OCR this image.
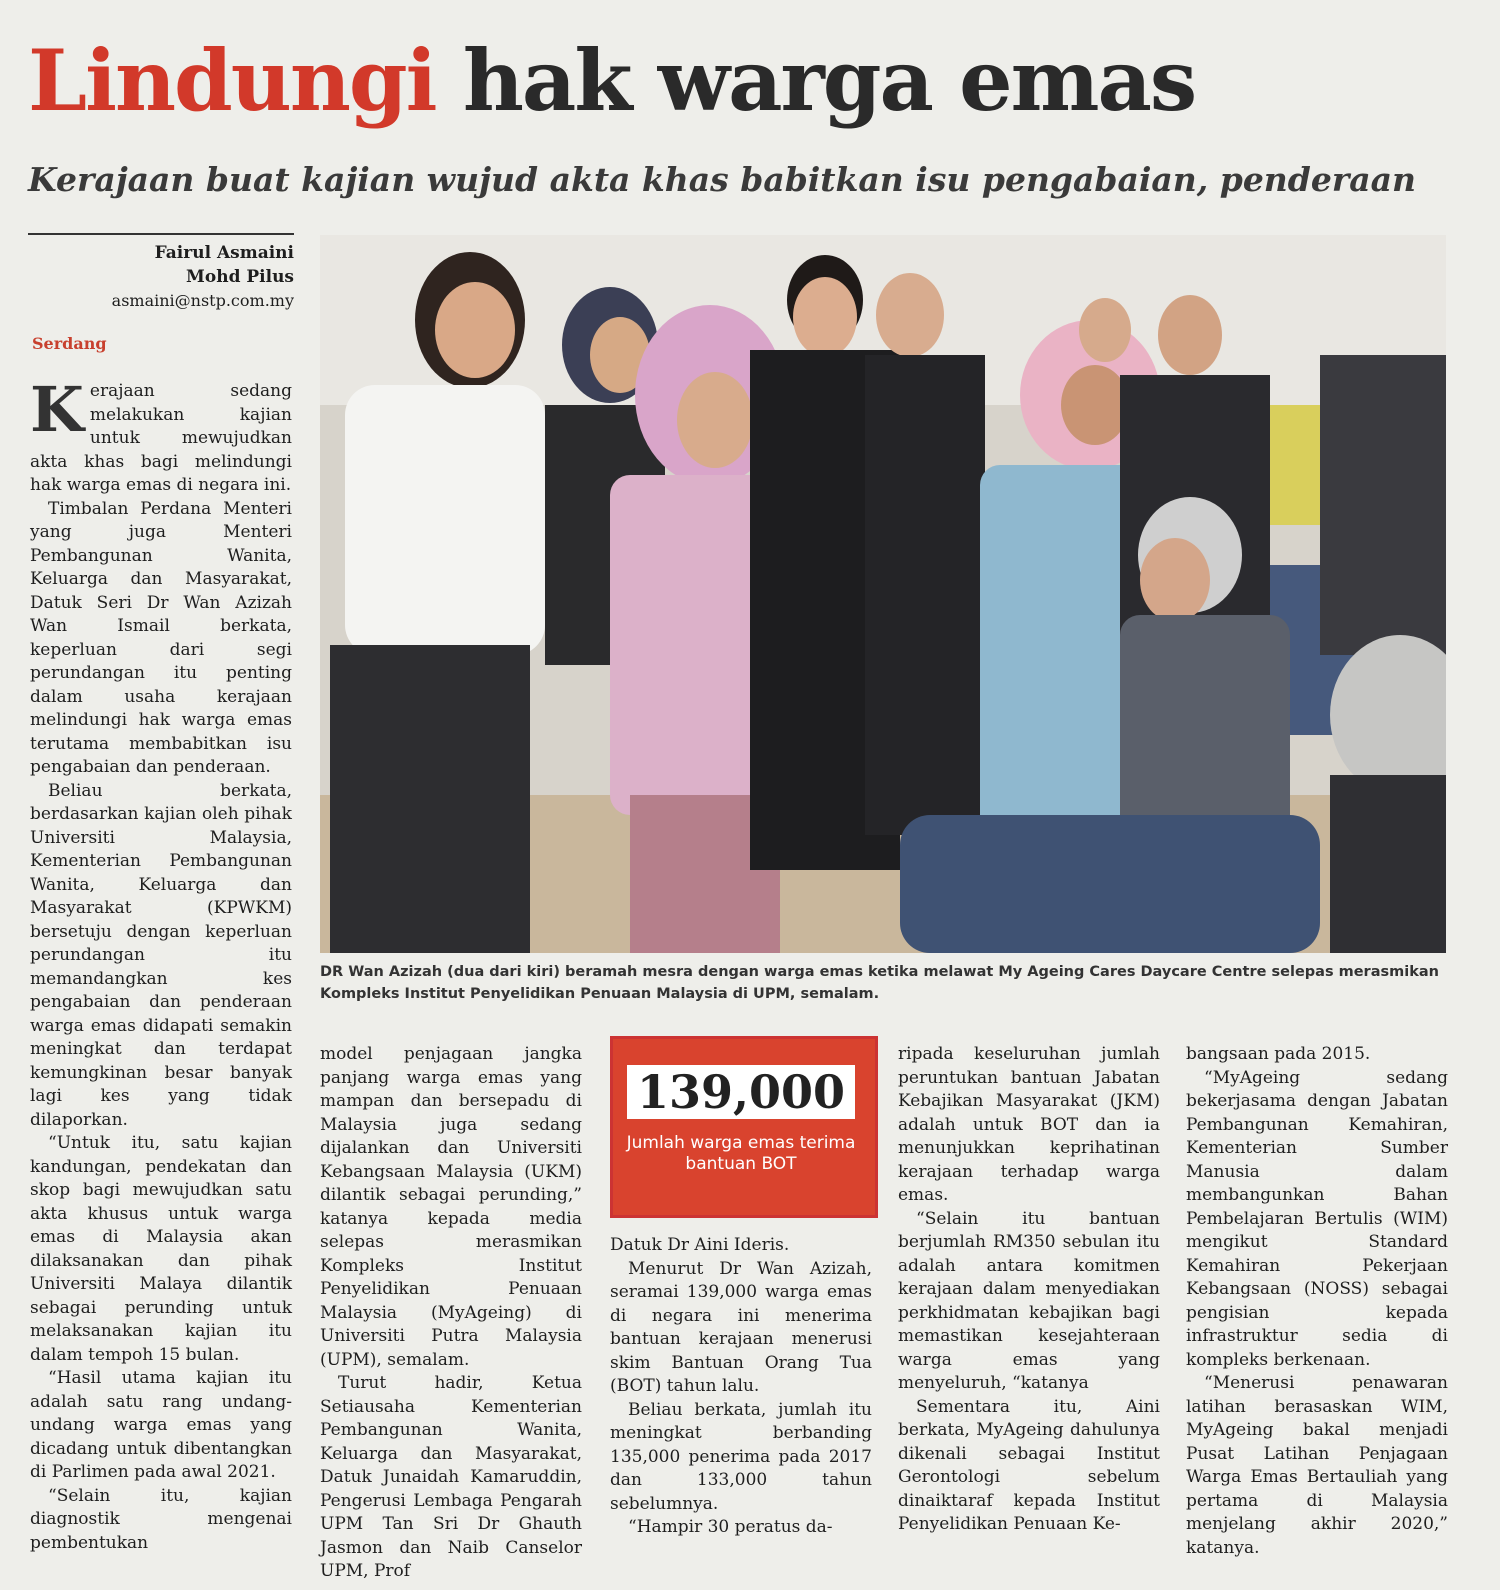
Lindungi hak warga emas
Kerajaan buat kajian wujud akta khas babitkan isu pengabaian, penderaan
Fairul Asmaini
Mohd Pilus
asmaini@nstp.com.my
Serdang

Kerajaan sedang melakukan kajian untuk mewujudkan akta khas bagi melindungi hak warga emas di negara ini.

Timbalan Perdana Menteri yang juga Menteri Pembangunan Wanita, Keluarga dan Masyarakat, Datuk Seri Dr Wan Azizah Wan Ismail berkata, keperluan dari segi perundangan itu penting dalam usaha kerajaan melindungi hak warga emas terutama membabitkan isu pengabaian dan penderaan.

Beliau berkata, berdasarkan kajian oleh pihak Universiti Malaysia, Kementerian Pembangunan Wanita, Keluarga dan Masyarakat (KPWKM) bersetuju dengan keperluan perundangan itu memandangkan kes pengabaian dan penderaan warga emas didapati semakin meningkat dan terdapat kemungkinan besar banyak lagi kes yang tidak dilaporkan.

“Untuk itu, satu kajian kandungan, pendekatan dan skop bagi mewujudkan satu akta khusus untuk warga emas di Malaysia akan dilaksanakan dan pihak Universiti Malaya dilantik sebagai perunding untuk melaksanakan kajian itu dalam tempoh 15 bulan.

“Hasil utama kajian itu adalah satu rang undang-undang warga emas yang dicadang untuk dibentangkan di Parlimen pada awal 2021.

“Selain itu, kajian diagnostik mengenai pembentukan

DR Wan Azizah (dua dari kiri) beramah mesra dengan warga emas ketika melawat My Ageing Cares Daycare Centre selepas merasmikan Kompleks Institut Penyelidikan Penuaan Malaysia di UPM, semalam.

model penjagaan jangka panjang warga emas yang mampan dan bersepadu di Malaysia juga sedang dijalankan dan Universiti Kebangsaan Malaysia (UKM) dilantik sebagai perunding,” katanya kepada media selepas merasmikan Kompleks Institut Penyelidikan Penuaan Malaysia (MyAgeing) di Universiti Putra Malaysia (UPM), semalam.

Turut hadir, Ketua Setiausaha Kementerian Pembangunan Wanita, Keluarga dan Masyarakat, Datuk Junaidah Kamaruddin, Pengerusi Lembaga Pengarah UPM Tan Sri Dr Ghauth Jasmon dan Naib Canselor UPM, Prof

139,000
Jumlah warga emas terima bantuan BOT

Datuk Dr Aini Ideris.

Menurut Dr Wan Azizah, seramai 139,000 warga emas di negara ini menerima bantuan kerajaan menerusi skim Bantuan Orang Tua (BOT) tahun lalu.

Beliau berkata, jumlah itu meningkat berbanding 135,000 penerima pada 2017 dan 133,000 tahun sebelumnya.

“Hampir 30 peratus da-

ripada keseluruhan jumlah peruntukan bantuan Jabatan Kebajikan Masyarakat (JKM) adalah untuk BOT dan ia menunjukkan keprihatinan kerajaan terhadap warga emas.

“Selain itu bantuan berjumlah RM350 sebulan itu adalah antara komitmen kerajaan dalam menyediakan perkhidmatan kebajikan bagi memastikan kesejahteraan warga emas yang menyeluruh, “katanya

Sementara itu, Aini berkata, MyAgeing dahulunya dikenali sebagai Institut Gerontologi sebelum dinaiktaraf kepada Institut Penyelidikan Penuaan Ke-

bangsaan pada 2015.

“MyAgeing sedang bekerjasama dengan Jabatan Pembangunan Kemahiran, Kementerian Sumber Manusia dalam membangunkan Bahan Pembelajaran Bertulis (WIM) mengikut Standard Kemahiran Pekerjaan Kebangsaan (NOSS) sebagai pengisian kepada infrastruktur sedia di kompleks berkenaan.

“Menerusi penawaran latihan berasaskan WIM, MyAgeing bakal menjadi Pusat Latihan Penjagaan Warga Emas Bertauliah yang pertama di Malaysia menjelang akhir 2020,” katanya.
